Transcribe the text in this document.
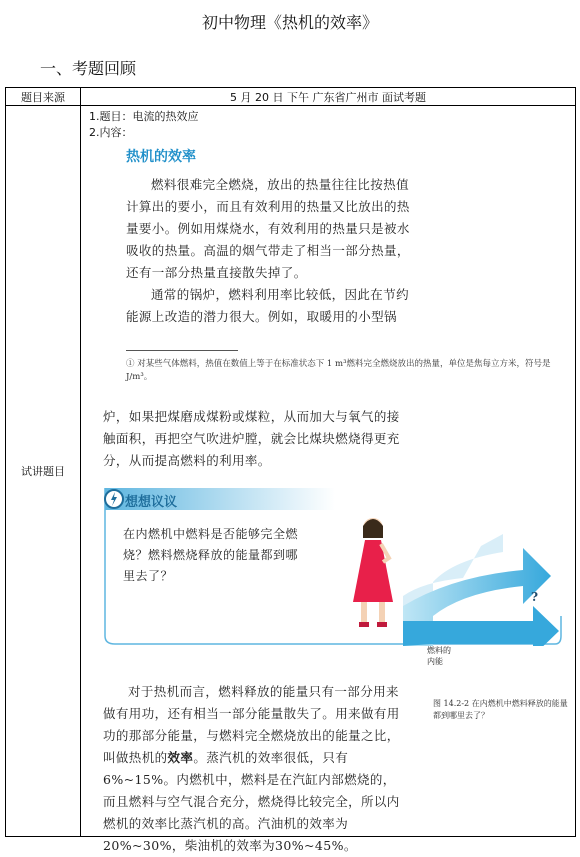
初中物理《热机的效率》
一、考题回顾
题目来源	5 月 20 日 下午 广东省广州市 面试考题
试讲题目
1.题目：电流的热效应
2.内容：
热机的效率
燃料很难完全燃烧，放出的热量往往比按热值计算出的要小，而且有效利用的热量又比放出的热量要小。例如用煤烧水，有效利用的热量只是被水吸收的热量。高温的烟气带走了相当一部分热量，还有一部分热量直接散失掉了。
通常的锅炉，燃料利用率比较低，因此在节约能源上改造的潜力很大。例如，取暖用的小型锅
① 对某些气体燃料，热值在数值上等于在标准状态下 1 m³燃料完全燃烧放出的热量，单位是焦每立方米，符号是J/m³。
炉，如果把煤磨成煤粉或煤粒，从而加大与氧气的接触面积，再把空气吹进炉膛，就会比煤块燃烧得更充分，从而提高燃料的利用率。
想想议议
在内燃机中燃料是否能够完全燃烧？燃料燃烧释放的能量都到哪里去了？
?
燃料的内能	有用机械能
图 14.2-2 在内燃机中燃料释放的能量都到哪里去了？
对于热机而言，燃料释放的能量只有一部分用来做有用功，还有相当一部分能量散失了。用来做有用功的那部分能量，与燃料完全燃烧放出的能量之比，叫做热机的效率。蒸汽机的效率很低，只有6%~15%。内燃机中，燃料是在汽缸内部燃烧的，而且燃料与空气混合充分，燃烧得比较完全，所以内燃机的效率比蒸汽机的高。汽油机的效率为20%~30%，柴油机的效率为30%~45%。
